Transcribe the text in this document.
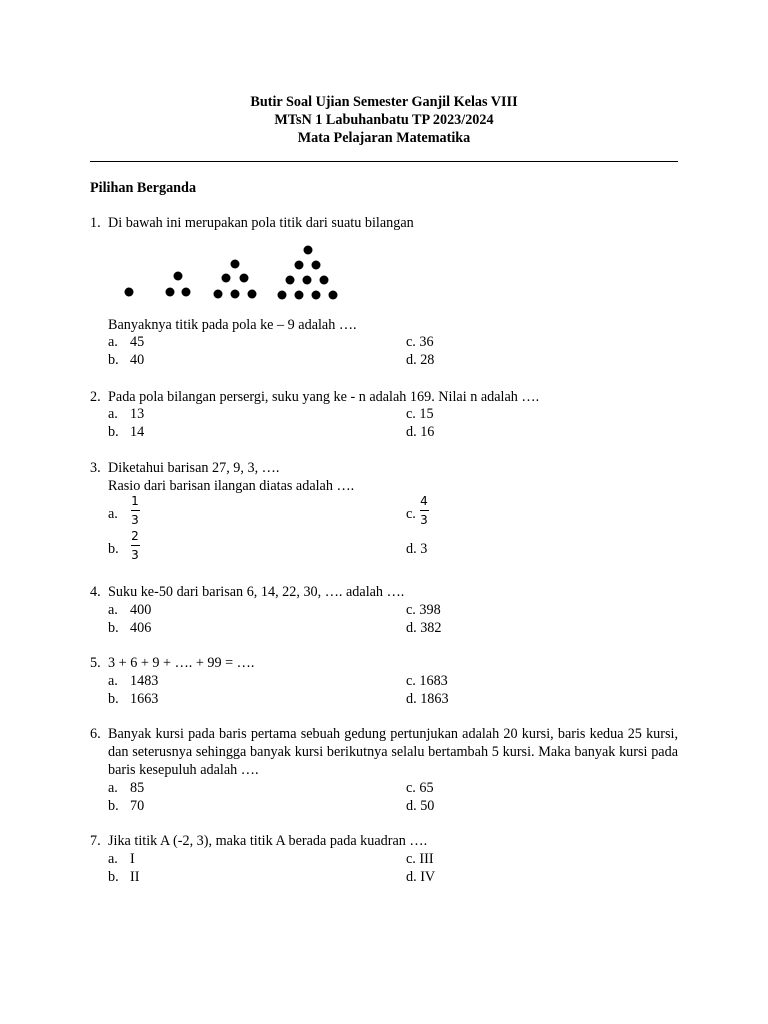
Butir Soal Ujian Semester Ganjil Kelas VIII
MTsN 1 Labuhanbatu TP 2023/2024
Mata Pelajaran Matematika
Pilihan Berganda
1. Di bawah ini merupakan pola titik dari suatu bilangan
Banyaknya titik pada pola ke – 9 adalah ….
a. 45	c. 36
b. 40	d. 28
2. Pada pola bilangan persergi, suku yang ke - n adalah 169. Nilai n adalah ….
a. 13	c. 15
b. 14	d. 16
3. Diketahui barisan 27, 9, 3, ….
Rasio dari barisan ilangan diatas adalah ….
a.
1
3	c.
4
3
b.
2
3	d. 3
4. Suku ke-50 dari barisan 6, 14, 22, 30, …. adalah ….
a. 400	c. 398
b. 406	d. 382
5. 3 + 6 + 9 + …. + 99 = ….
a. 1483	c. 1683
b. 1663	d. 1863
6. Banyak kursi pada baris pertama sebuah gedung pertunjukan adalah 20 kursi, baris kedua 25 kursi, dan seterusnya sehingga banyak kursi berikutnya selalu bertambah 5 kursi. Maka banyak kursi pada baris kesepuluh adalah ….
a. 85	c. 65
b. 70	d. 50
7. Jika titik A (-2, 3), maka titik A berada pada kuadran ….
a. I	c. III
b. II	d. IV
